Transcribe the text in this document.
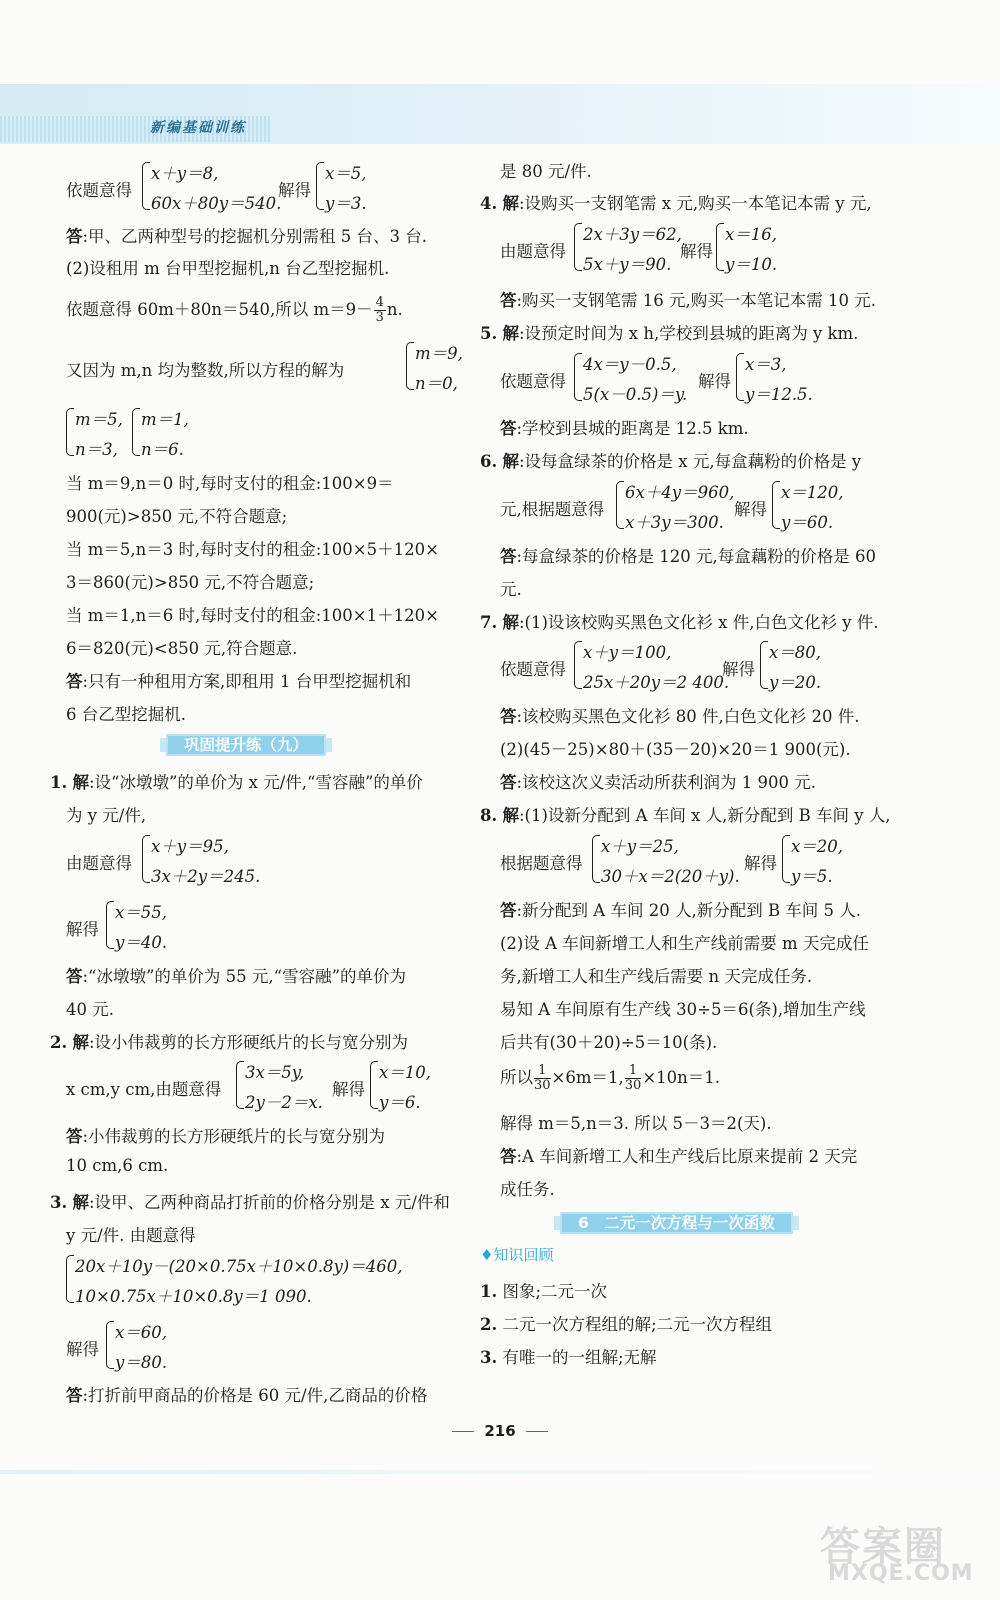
新编基础训练
依题意得
x＋y＝8,
60x＋80y＝540.
解得
x＝5,
y＝3.
答:甲、乙两种型号的挖掘机分别需租 5 台、3 台.
(2)设租用 m 台甲型挖掘机,n 台乙型挖掘机.
依题意得 60m＋80n＝540,所以 $m=9- \frac{4}{3} n$.
又因为 m,n 均为整数,所以方程的解为
m＝9,
n＝0,
m＝5,
n＝3,
m＝1,
n＝6.
当 m＝9,n＝0 时,每时支付的租金:100×9＝
900(元)>850 元,不符合题意;
当 m＝5,n＝3 时,每时支付的租金:100×5＋120×
3＝860(元)>850 元,不符合题意;
当 m＝1,n＝6 时,每时支付的租金:100×1＋120×
6＝820(元)<850 元,符合题意.
答:只有一种租用方案,即租用 1 台甲型挖掘机和
6 台乙型挖掘机.
巩固提升练（九）
1. 解:设“冰墩墩”的单价为 x 元/件,“雪容融”的单价
为 y 元/件,
由题意得
x＋y＝95,
3x＋2y＝245.
解得
x＝55,
y＝40.
答:“冰墩墩”的单价为 55 元,“雪容融”的单价为
40 元.
2. 解:设小伟裁剪的长方形硬纸片的长与宽分别为
x cm,y cm,由题意得
3x＝5y,
2y－2＝x.
解得
x＝10,
y＝6.
答:小伟裁剪的长方形硬纸片的长与宽分别为
10 cm,6 cm.
3. 解:设甲、乙两种商品打折前的价格分别是 x 元/件和
y 元/件. 由题意得
20x＋10y－(20×0.75x＋10×0.8y)＝460,
10×0.75x＋10×0.8y＝1 090.
解得
x＝60,
y＝80.
答:打折前甲商品的价格是 60 元/件,乙商品的价格
是 80 元/件.
4. 解:设购买一支钢笔需 x 元,购买一本笔记本需 y 元,
由题意得
2x＋3y＝62,
5x＋y＝90.
解得
x＝16,
y＝10.
答:购买一支钢笔需 16 元,购买一本笔记本需 10 元.
5. 解:设预定时间为 x h,学校到县城的距离为 y km.
依题意得
4x＝y－0.5,
5(x－0.5)＝y.
解得
x＝3,
y＝12.5.
答:学校到县城的距离是 12.5 km.
6. 解:设每盒绿茶的价格是 x 元,每盒藕粉的价格是 y
元,根据题意得
6x＋4y＝960,
x＋3y＝300.
解得
x＝120,
y＝60.
答:每盒绿茶的价格是 120 元,每盒藕粉的价格是 60
元.
7. 解:(1)设该校购买黑色文化衫 x 件,白色文化衫 y 件.
依题意得
x＋y＝100,
25x＋20y＝2 400.
解得
x＝80,
y＝20.
答:该校购买黑色文化衫 80 件,白色文化衫 20 件.
(2)(45－25)×80＋(35－20)×20＝1 900(元).
答:该校这次义卖活动所获利润为 1 900 元.
8. 解:(1)设新分配到 A 车间 x 人,新分配到 B 车间 y 人,
根据题意得
x＋y＝25,
30＋x＝2(20＋y).
解得
x＝20,
y＝5.
答:新分配到 A 车间 20 人,新分配到 B 车间 5 人.
(2)设 A 车间新增工人和生产线前需要 m 天完成任
务,新增工人和生产线后需要 n 天完成任务.
易知 A 车间原有生产线 30÷5＝6(条),增加生产线
后共有(30＋20)÷5＝10(条).
所以 $\frac{1}{30} \times 6m=1$, $\frac{1}{30} \times 10n=1$.
解得 m＝5,n＝3. 所以 5－3＝2(天).
答:A 车间新增工人和生产线后比原来提前 2 天完
成任务.
6　二元一次方程与一次函数
♦知识回顾
1. 图象;二元一次
2. 二元一次方程组的解;二元一次方程组
3. 有唯一的一组解;无解
216
答案圈
MXQE.COM
